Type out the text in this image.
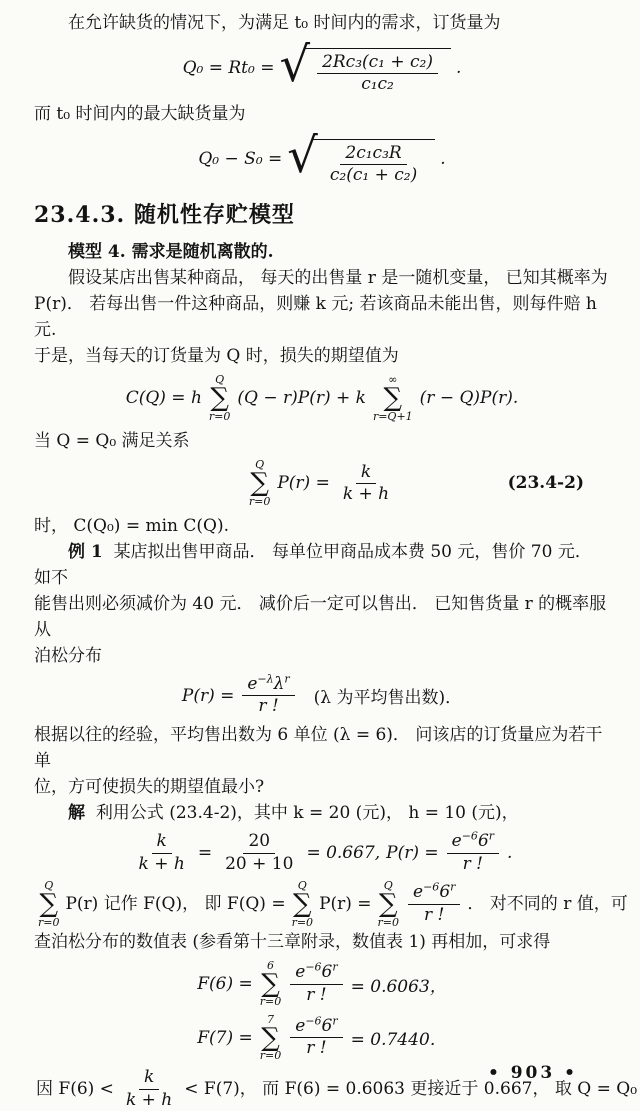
在允许缺货的情况下，为满足 t₀ 时间内的需求，订货量为
Q₀ = Rt₀ = √ $\frac{\text{2Rc₃(c₁ + c₂)}}{\text{c₁c₂}}$ .
而 t₀ 时间内的最大缺货量为
Q₀ − S₀ = √ $\frac{\text{2c₁c₃R}}{\text{c₂(c₁ + c₂)}}$ .
23.4.3. 随机性存贮模型
模型 4. 需求是随机离散的.
假设某店出售某种商品， 每天的出售量 r 是一随机变量， 已知其概率为
P(r)． 若每出售一件这种商品，则赚 k 元; 若该商品未能出售，则每件赔 h 元.
于是，当每天的订货量为 Q 时，损失的期望值为
C(Q) = h
Q
∑
r=0
(Q − r)P(r) + k
∞
∑
r=Q+1
(r − Q)P(r).
当 Q = Q₀ 满足关系
Q
∑
r=0
$P(r) = \frac{k}{k + h}$	(23.4-2)
时， C(Q₀) = min C(Q).
例 1 某店拟出售甲商品． 每单位甲商品成本费 50 元，售价 70 元． 如不
能售出则必须减价为 40 元． 减价后一定可以售出． 已知售货量 r 的概率服从
泊松分布
$P(r) = \frac{e^{-\lambda}\lambda^r}{r !} (\lambda$ 为平均售出数)．
根据以往的经验，平均售出数为 6 单位 (λ = 6)． 问该店的订货量应为若干单
位，方可使损失的期望值最小?
解 利用公式 (23.4-2)，其中 k = 20 (元)， h = 10 (元)，
$\frac{k}{k + h} = \frac{20}{20 + 10} = 0.667$, $P(r) = \frac{e^{-6}6^r}{r !}$ .
Q
∑
r=0
P(r) 记作 F(Q)， 即 F(Q) =
Q
∑
r=0
P(r) =
Q
∑
$r=0 \frac{e^{-6}6^r}{r !}$ ． 对不同的 r 值，可
查泊松分布的数值表 (参看第十三章附录，数值表 1) 再相加，可求得
F(6) =
6
∑
$r=0 \frac{e^{-6}6^r}{r !} = 0.6063$，
F(7) =
7
∑
$r=0 \frac{e^{-6}6^r}{r !} = 0.7440$．
因 $F(6) < \frac{k}{k + h} < F(7)$， 而 F(6) = 0.6063 更接近于 0.667， 取 Q = Q₀
• 903 •
